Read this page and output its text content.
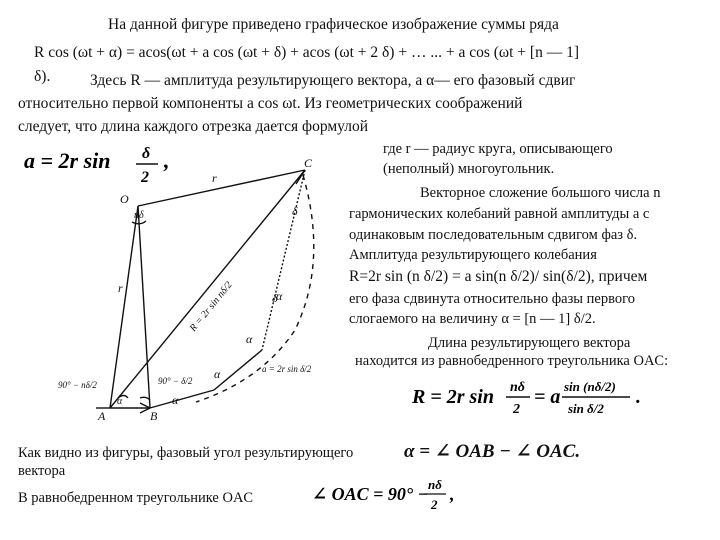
На данной фигуре приведено графическое изображение суммы ряда
R cos (ωt + α) = acos(ωt + a cos (ωt + δ) + acos (ωt + 2 δ) + … ... + a cos (ωt + [n — 1]
δ).	Здесь R — амплитуда результирующего вектора, а α— его фазовый сдвиг
относительно первой компоненты a cos ωt. Из геометрических соображений
следует, что длина каждого отрезка дается формулой
a = 2r sin δ
2
,	где r — радиус круга, описывающего
(неполный) многоугольник.
Векторное сложение большого числа n
гармонических колебаний равной амплитуды a с
одинаковым последовательным сдвигом фаз δ.
Амплитуда результирующего колебания
R=2r sin (n δ/2) = a sin(n δ/2)/ sin(δ/2), причем
его фаза сдвинута относительно фазы первого
слогаемого на величину α = [n — 1] δ/2.
Длина результирующего вектора
находится из равнобедренного треугольника OAC:
R = 2r sin nδ
2
= a sin (nδ/2)
sin δ/2
.
Как видно из фигуры, фазовый угол результирующего
вектора
В равнобедренном треугольнике OAC
α = ∠ OAB − ∠ OAC.
∠ OAC = 90° − nδ
2
,
C
O
A	B
r
r
nδ
α
α
α
α
α
δ
δ
R = 2r sin nδ/2
90° − nδ/2	90° − δ/2
a = 2r sin δ/2
